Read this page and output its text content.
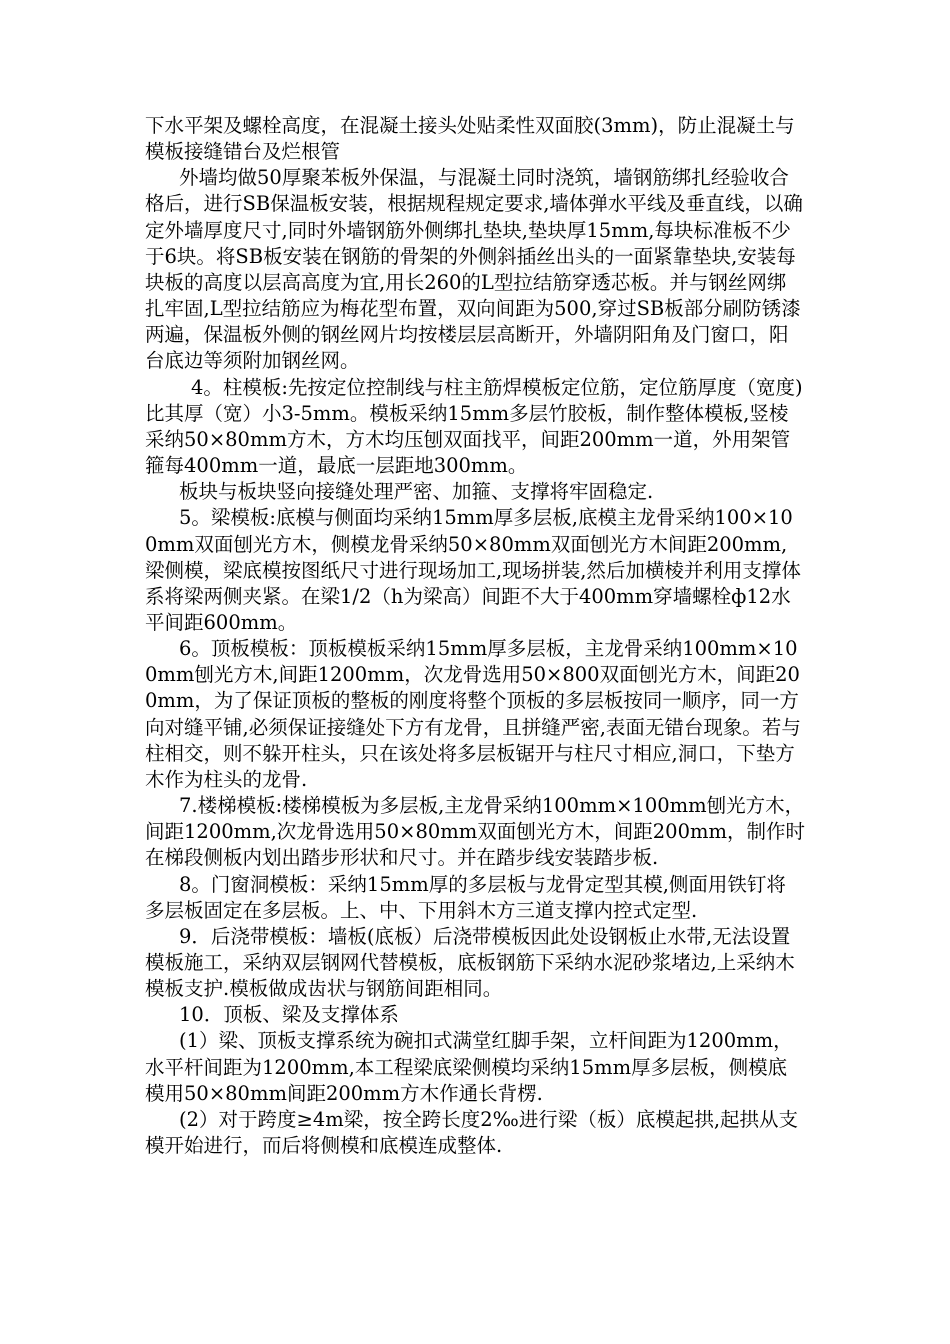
下水平架及螺栓高度，在混凝土接头处贴柔性双面胶(3mm)，防止混凝土与模板接缝错台及烂根管

外墙均做50厚聚苯板外保温，与混凝土同时浇筑，墙钢筋绑扎经验收合格后，进行SB保温板安装，根据规程规定要求,墙体弹水平线及垂直线，以确定外墙厚度尺寸,同时外墙钢筋外侧绑扎垫块,垫块厚15mm,每块标准板不少于6块。将SB板安装在钢筋的骨架的外侧斜插丝出头的一面紧靠垫块,安装每块板的高度以层高高度为宜,用长260的L型拉结筋穿透芯板。并与钢丝网绑扎牢固,L型拉结筋应为梅花型布置，双向间距为500,穿过SB板部分刷防锈漆两遍，保温板外侧的钢丝网片均按楼层层高断开，外墙阴阳角及门窗口，阳台底边等须附加钢丝网。

4。柱模板:先按定位控制线与柱主筋焊模板定位筋，定位筋厚度（宽度)比其厚（宽）小3-5mm。模板采纳15mm多层竹胶板，制作整体模板,竖棱采纳50×80mm方木，方木均压刨双面找平，间距200mm一道，外用架管箍每400mm一道，最底一层距地300mm。

板块与板块竖向接缝处理严密、加箍、支撑将牢固稳定.

5。梁模板:底模与侧面均采纳15mm厚多层板,底模主龙骨采纳100×100mm双面刨光方木，侧模龙骨采纳50×80mm双面刨光方木间距200mm,梁侧模，梁底模按图纸尺寸进行现场加工,现场拼装,然后加横棱并利用支撑体系将梁两侧夹紧。在梁1/2（h为梁高）间距不大于400mm穿墙螺栓ф12水平间距600mm。

6。顶板模板：顶板模板采纳15mm厚多层板，主龙骨采纳100mm×100mm刨光方木,间距1200mm，次龙骨选用50×800双面刨光方木，间距200mm，为了保证顶板的整板的刚度将整个顶板的多层板按同一顺序，同一方向对缝平铺,必须保证接缝处下方有龙骨，且拼缝严密,表面无错台现象。若与柱相交，则不躲开柱头，只在该处将多层板锯开与柱尺寸相应,洞口，下垫方木作为柱头的龙骨.

7.楼梯模板:楼梯模板为多层板,主龙骨采纳100mm×100mm刨光方木，间距1200mm,次龙骨选用50×80mm双面刨光方木，间距200mm，制作时在梯段侧板内划出踏步形状和尺寸。并在踏步线安装踏步板.

8。门窗洞模板：采纳15mm厚的多层板与龙骨定型其模,侧面用铁钉将多层板固定在多层板。上、中、下用斜木方三道支撑内控式定型.

9．后浇带模板：墙板(底板）后浇带模板因此处设钢板止水带,无法设置模板施工，采纳双层钢网代替模板，底板钢筋下采纳水泥砂浆堵边,上采纳木模板支护.模板做成齿状与钢筋间距相同。

10．顶板、梁及支撑体系

(1）梁、顶板支撑系统为碗扣式满堂红脚手架，立杆间距为1200mm，水平杆间距为1200mm,本工程梁底梁侧模均采纳15mm厚多层板，侧模底模用50×80mm间距200mm方木作通长背楞.

(2）对于跨度≥4m梁，按全跨长度2‰进行梁（板）底模起拱,起拱从支模开始进行，而后将侧模和底模连成整体.
